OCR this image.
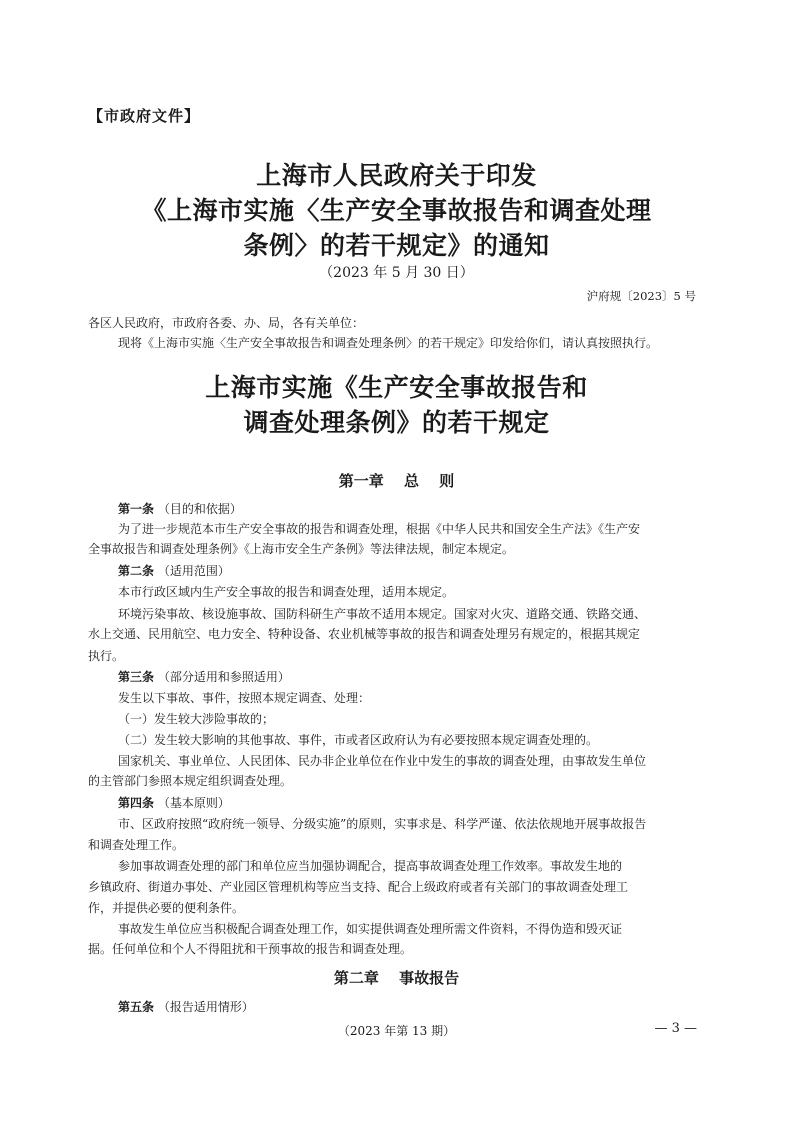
【市政府文件】
上海市人民政府关于印发
《上海市实施〈生产安全事故报告和调查处理
条例〉的若干规定》的通知
（2023 年 5 月 30 日）
沪府规〔2023〕5 号
各区人民政府，市政府各委、办、局，各有关单位：
现将《上海市实施〈生产安全事故报告和调查处理条例〉的若干规定》印发给你们，请认真按照执行。
上海市实施《生产安全事故报告和
调查处理条例》的若干规定
第一章　 总　 则
第一条 （目的和依据）
为了进一步规范本市生产安全事故的报告和调查处理，根据《中华人民共和国安全生产法》《生产安
全事故报告和调查处理条例》《上海市安全生产条例》等法律法规，制定本规定。
第二条 （适用范围）
本市行政区域内生产安全事故的报告和调查处理，适用本规定。
环境污染事故、核设施事故、国防科研生产事故不适用本规定。国家对火灾、道路交通、铁路交通、
水上交通、民用航空、电力安全、特种设备、农业机械等事故的报告和调查处理另有规定的，根据其规定
执行。
第三条 （部分适用和参照适用）
发生以下事故、事件，按照本规定调查、处理：
（一）发生较大涉险事故的；
（二）发生较大影响的其他事故、事件，市或者区政府认为有必要按照本规定调查处理的。
国家机关、事业单位、人民团体、民办非企业单位在作业中发生的事故的调查处理，由事故发生单位
的主管部门参照本规定组织调查处理。
第四条 （基本原则）
市、区政府按照“政府统一领导、分级实施”的原则，实事求是、科学严谨、依法依规地开展事故报告
和调查处理工作。
参加事故调查处理的部门和单位应当加强协调配合，提高事故调查处理工作效率。事故发生地的
乡镇政府、街道办事处、产业园区管理机构等应当支持、配合上级政府或者有关部门的事故调查处理工
作，并提供必要的便利条件。
事故发生单位应当积极配合调查处理工作，如实提供调查处理所需文件资料，不得伪造和毁灭证
据。任何单位和个人不得阻扰和干预事故的报告和调查处理。
第二章　 事故报告
第五条 （报告适用情形）
（2023 年第 13 期）	— 3 —
